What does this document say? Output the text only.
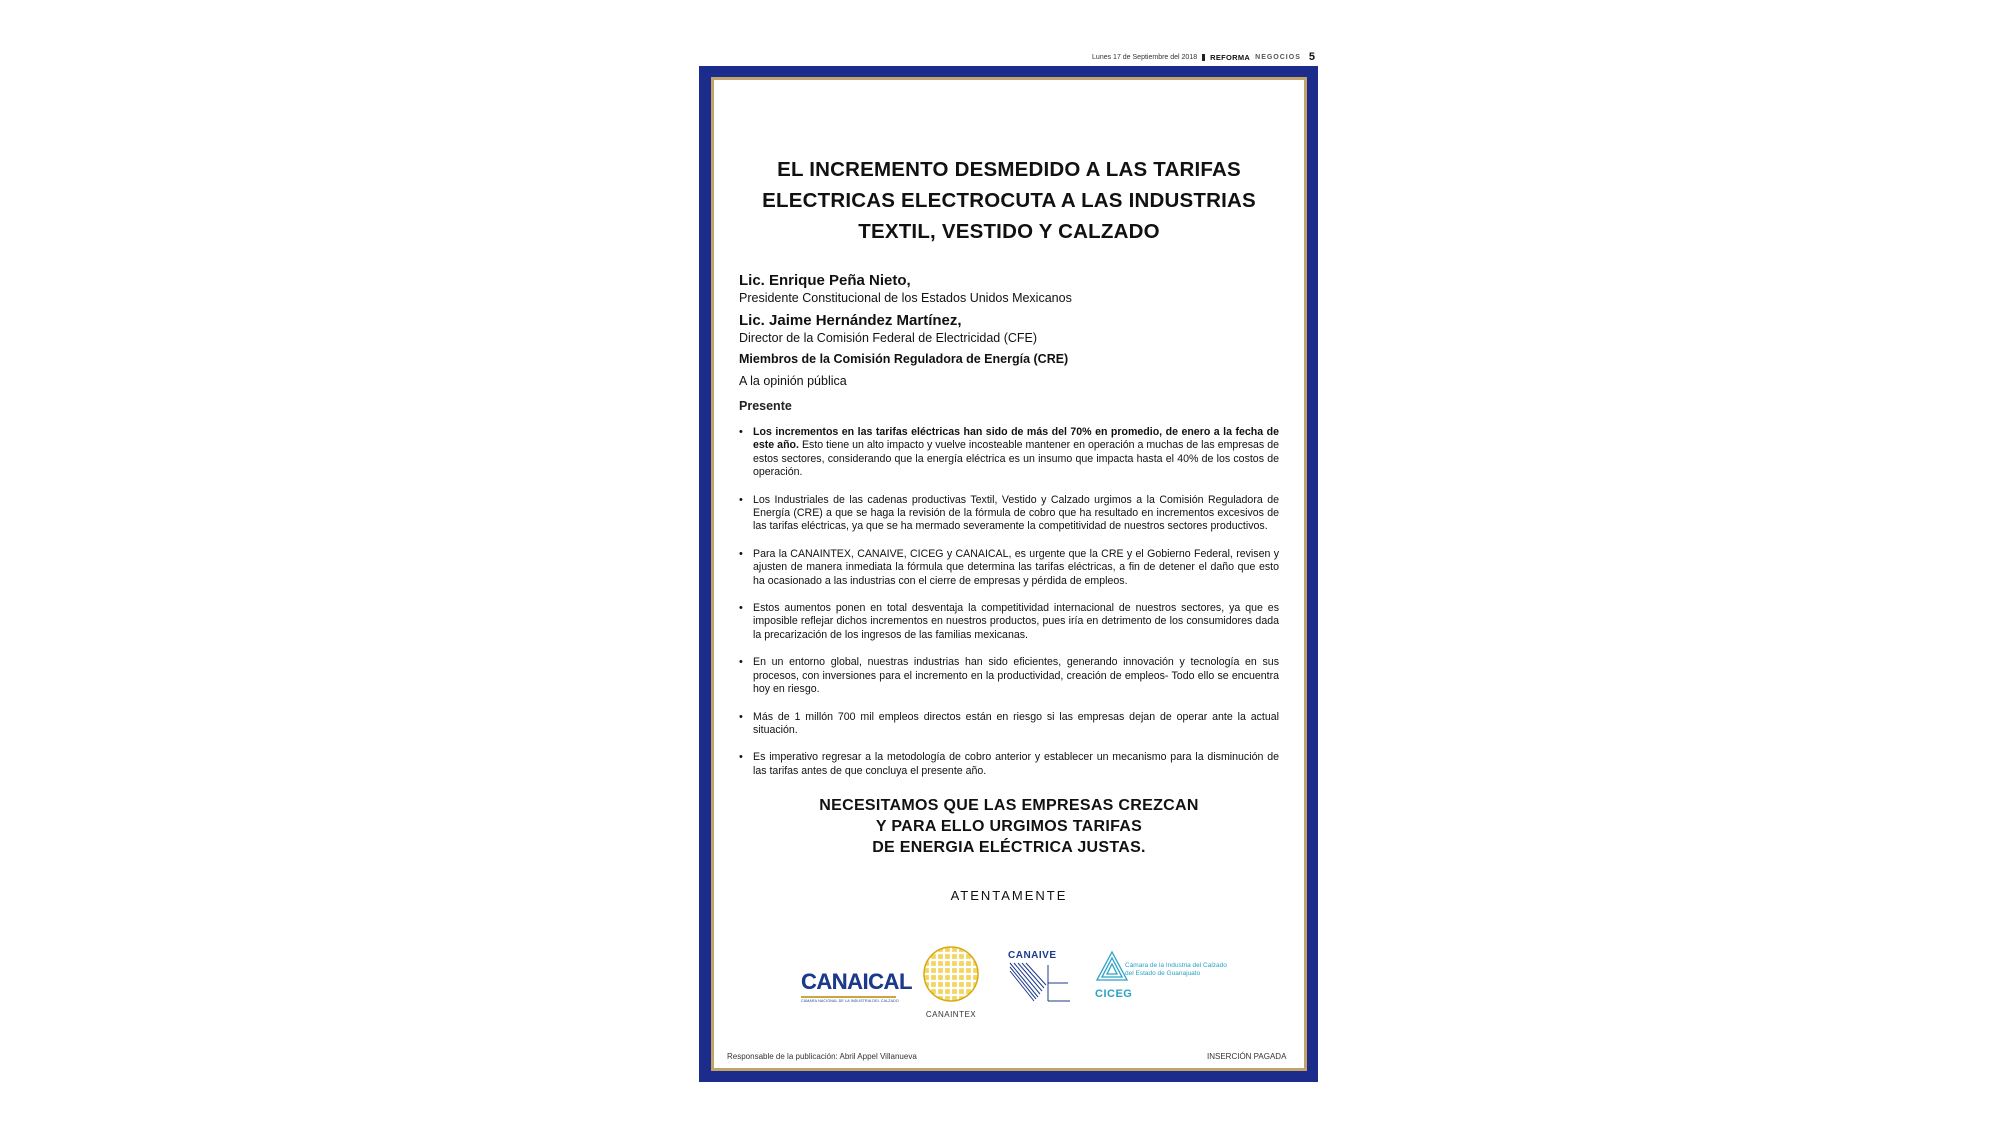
Lunes 17 de Septiembre del 2018 REFORMA NEGOCIOS 5
EL INCREMENTO DESMEDIDO A LAS TARIFAS
ELECTRICAS ELECTROCUTA A LAS INDUSTRIAS
TEXTIL, VESTIDO Y CALZADO
Lic. Enrique Peña Nieto,
Presidente Constitucional de los Estados Unidos Mexicanos
Lic. Jaime Hernández Martínez,
Director de la Comisión Federal de Electricidad (CFE)
Miembros de la Comisión Reguladora de Energía (CRE)
A la opinión pública
Presente
• Los incrementos en las tarifas eléctricas han sido de más del 70% en promedio, de enero a la fecha de este año. Esto tiene un alto impacto y vuelve incosteable mantener en operación a muchas de las empresas de estos sectores, considerando que la energía eléctrica es un insumo que impacta hasta el 40% de los costos de operación.
• Los Industriales de las cadenas productivas Textil, Vestido y Calzado urgimos a la Comisión Reguladora de Energía (CRE) a que se haga la revisión de la fórmula de cobro que ha resultado en incrementos excesivos de las tarifas eléctricas, ya que se ha mermado severamente la competitividad de nuestros sectores productivos.
• Para la CANAINTEX, CANAIVE, CICEG y CANAICAL, es urgente que la CRE y el Gobierno Federal, revisen y ajusten de manera inmediata la fórmula que determina las tarifas eléctricas, a fin de detener el daño que esto ha ocasionado a las industrias con el cierre de empresas y pérdida de empleos.
• Estos aumentos ponen en total desventaja la competitividad internacional de nuestros sectores, ya que es imposible reflejar dichos incrementos en nuestros productos, pues iría en detrimento de los consumidores dada la precarización de los ingresos de las familias mexicanas.
• En un entorno global, nuestras industrias han sido eficientes, generando innovación y tecnología en sus procesos, con inversiones para el incremento en la productividad, creación de empleos- Todo ello se encuentra hoy en riesgo.
• Más de 1 millón 700 mil empleos directos están en riesgo si las empresas dejan de operar ante la actual situación.
• Es imperativo regresar a la metodología de cobro anterior y establecer un mecanismo para la disminución de las tarifas antes de que concluya el presente año.
NECESITAMOS QUE LAS EMPRESAS CREZCAN
Y PARA ELLO URGIMOS TARIFAS
DE ENERGIA ELÉCTRICA JUSTAS.
ATENTAMENTE
CANAICAL
CÁMARA NACIONAL DE LA INDUSTRIA DEL CALZADO
CANAINTEX
CANAIVE
Cámara de la Industria del Calzado del Estado de Guanajuato
CICEG
Responsable de la publicación: Abril Appel Villanueva	INSERCIÓN PAGADA
